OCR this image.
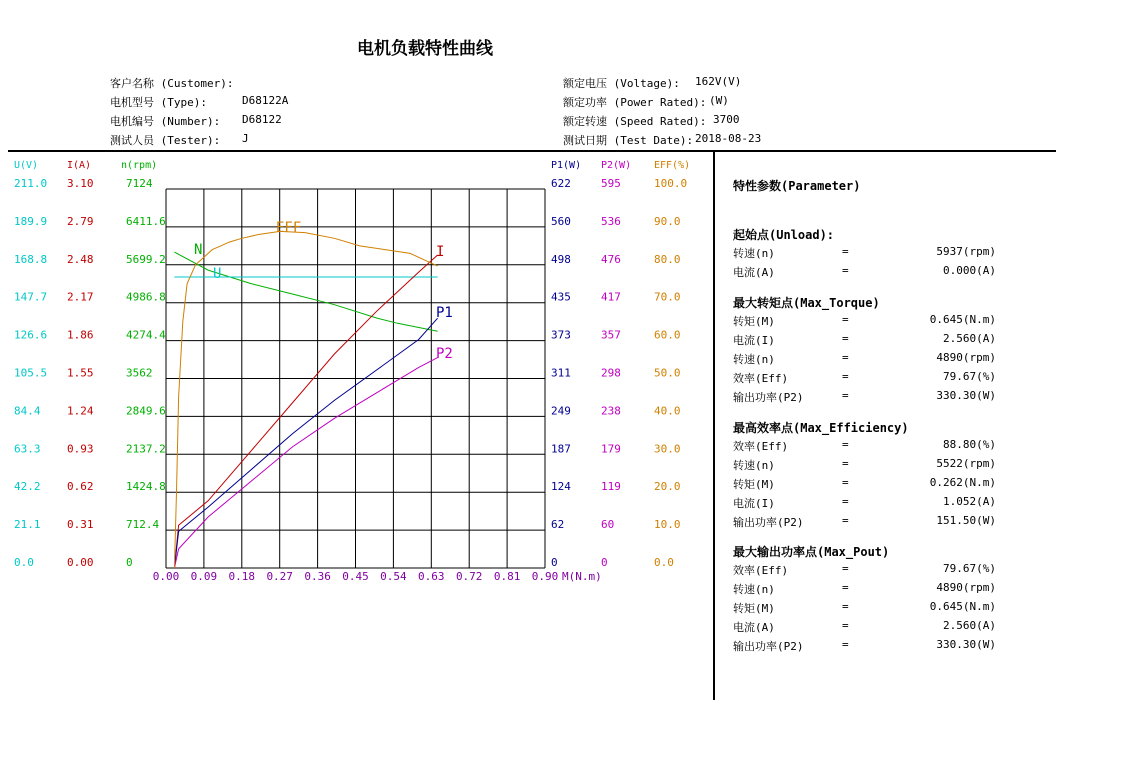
电机负载特性曲线
客户名称 (Customer):
电机型号 (Type):	D68122A
电机编号 (Number): D68122
测试人员 (Tester): J
额定电压 (Voltage): 162V(V)
额定功率 (Power Rated): (W)
额定转速 (Speed Rated): 3700
测试日期 (Test Date): 2018-08-23
0.00 0.09 0.18 0.27 0.36 0.45 0.54 0.63 0.72 0.81 0.90 M(N.m)
U(V)
211.0
189.9
168.8
147.7
126.6
105.5
84.4
63.3
42.2
21.1
0.0
I(A)
3.10
2.79
2.48
2.17
1.86
1.55
1.24
0.93
0.62
0.31
0.00
n(rpm)
7124
6411.6
5699.2
4986.8
4274.4
3562
2849.6
2137.2
1424.8
712.4
0
P1(W)
622
560
498
435
373
311
249
187
124
62
0
P2(W)
595
536
476
417
357
298
238
179
119
60
0
EFF(%)
100.0
90.0
80.0
70.0
60.0
50.0
40.0
30.0
20.0
10.0
0.0
N
U
I
P1
P2
EFF
特性参数(Parameter)
起始点(Unload):
转速(n)	=	5937(rpm)
电流(A)	=	0.000(A)
最大转矩点(Max_Torque)
转矩(M)	=	0.645(N.m)
电流(I)	=	2.560(A)
转速(n)	=	4890(rpm)
效率(Eff)	=	79.67(%)
输出功率(P2)	=	330.30(W)
最高效率点(Max_Efficiency)
效率(Eff)	=	88.80(%)
转速(n)	=	5522(rpm)
转矩(M)	=	0.262(N.m)
电流(I)	=	1.052(A)
输出功率(P2)	=	151.50(W)
最大输出功率点(Max_Pout)
效率(Eff)	=	79.67(%)
转速(n)	=	4890(rpm)
转矩(M)	=	0.645(N.m)
电流(A)	=	2.560(A)
输出功率(P2)	=	330.30(W)
